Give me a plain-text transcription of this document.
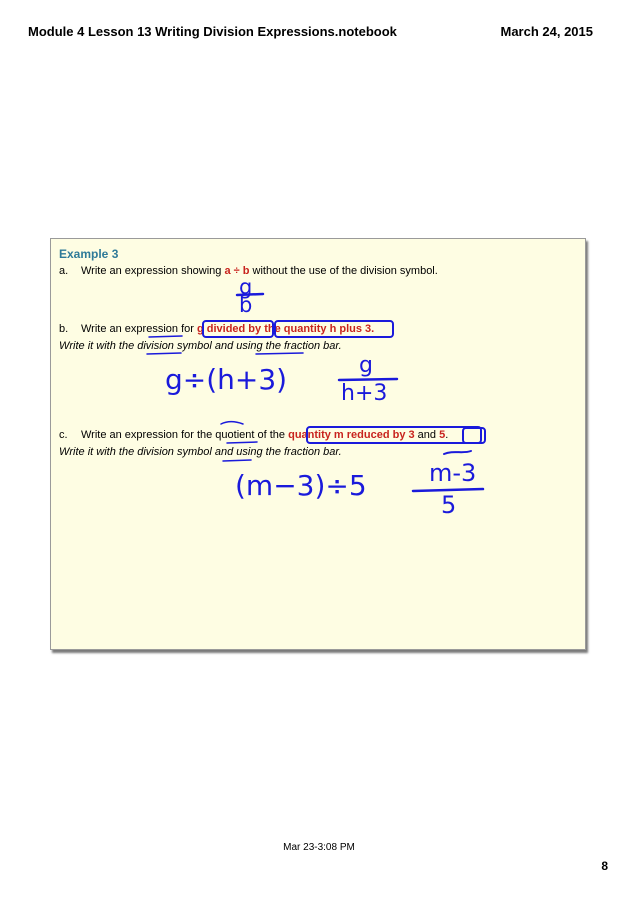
Module 4 Lesson 13 Writing Division Expressions.notebook	March 24, 2015
Example 3
a. Write an expression showing a ÷ b without the use of the division symbol.
b. Write an expression for g divided by the quantity h plus 3.
Write it with the division symbol and using the fraction bar.
c. Write an expression for the quotient of the quantity m reduced by 3 and 5.
Write it with the division symbol and using the fraction bar.
g
b
g÷(h+3)	g
h+3
(m−3)÷5	m-3
5
Mar 23-3:08 PM
8
